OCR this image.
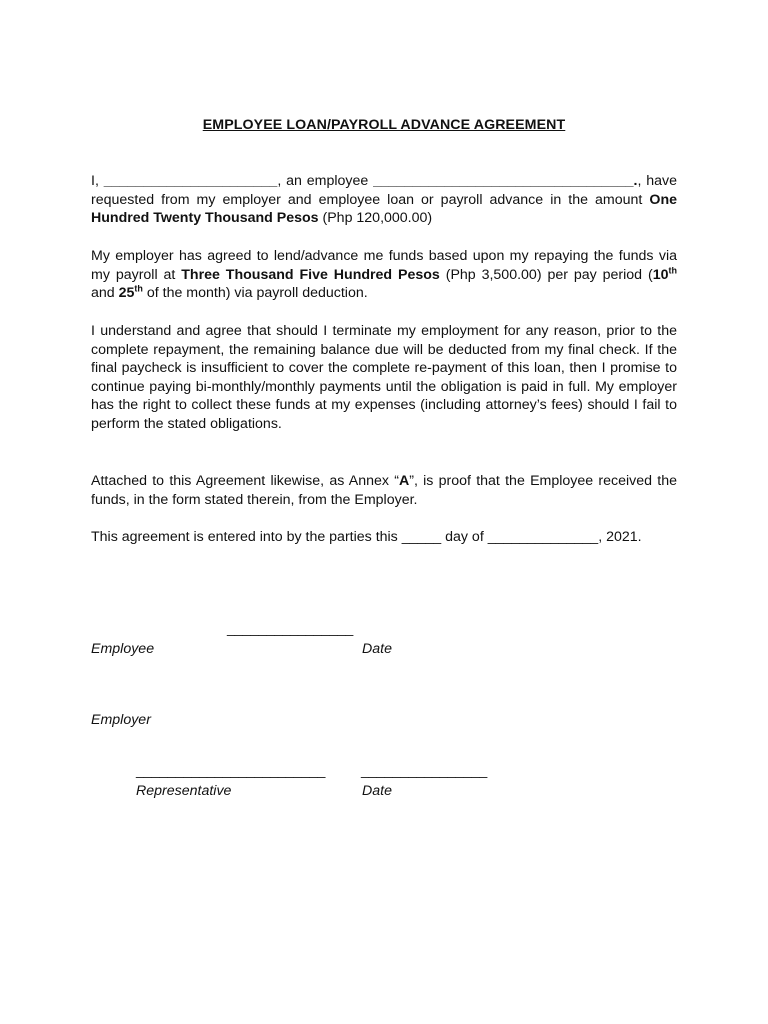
EMPLOYEE LOAN/PAYROLL ADVANCE AGREEMENT
I, ______________________, an employee _________________________________., have requested from my employer and employee loan or payroll advance in the amount One Hundred Twenty Thousand Pesos (Php 120,000.00)
My employer has agreed to lend/advance me funds based upon my repaying the funds via my payroll at Three Thousand Five Hundred Pesos (Php 3,500.00) per pay period (10th and 25th of the month) via payroll deduction.
I understand and agree that should I terminate my employment for any reason, prior to the complete repayment, the remaining balance due will be deducted from my final check. If the final paycheck is insufficient to cover the complete re-payment of this loan, then I promise to continue paying bi-monthly/monthly payments until the obligation is paid in full. My employer has the right to collect these funds at my expenses (including attorney’s fees) should I fail to perform the stated obligations.
Attached to this Agreement likewise, as Annex “A”, is proof that the Employee received the funds, in the form stated therein, from the Employer.
This agreement is entered into by the parties this _____ day of ______________, 2021.
________________
Employee	Date
Employer
________________________	________________
Representative	Date
